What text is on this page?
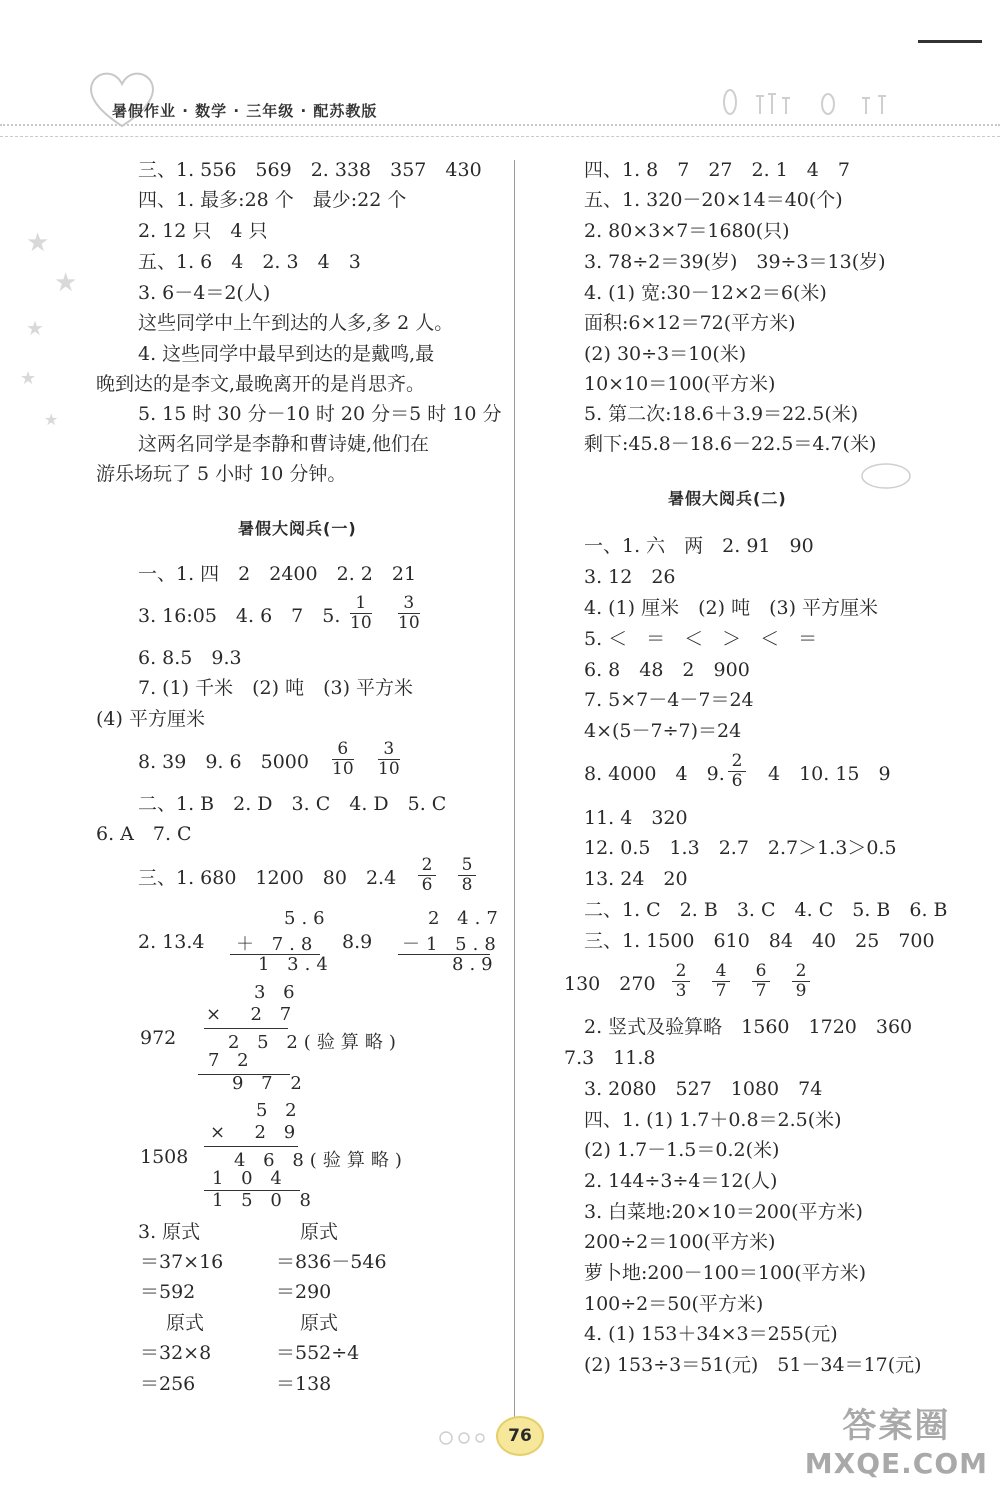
暑假作业 · 数学 · 三年级 · 配苏教版
★
★
★
★
★
三、1. 556　569　2. 338　357　430
四、1. 最多:28 个　最少:22 个
2. 12 只　4 只
五、1. 6　4　2. 3　4　3
3. 6－4＝2(人)
这些同学中上午到达的人多,多 2 人。
4. 这些同学中最早到达的是戴鸣,最
晚到达的是李文,最晚离开的是肖思齐。
5. 15 时 30 分－10 时 20 分＝5 时 10 分
这两名同学是李静和曹诗婕,他们在
游乐场玩了 5 小时 10 分钟。
暑假大阅兵(一)
一、1. 四　2　2400　2. 2　21
3. 16:05　4. 6　7　5.
1
10
3
10
6. 8.5　9.3
7. (1) 千米　(2) 吨　(3) 平方米
(4) 平方厘米
8. 39　9. 6　5000
6
10
3
10
二、1. B　2. D　3. C　4. D　5. C
6. A　7. C
三、1. 680　1200　80　2.4
2
6
5
8
2. 13.4
5.6
＋ 7.8
1 3.4
8.9
2 4.7
－1 5.8
8.9
3 6
×  2 7
972	2 5 2(验算略)
7 2
9 7 2
5 2
×  2 9
1508	4 6 8(验算略)
1 0 4
1 5 0 8
3. 原式	原式
＝37×16	＝836－546
＝592	＝290
原式	原式
＝32×8	＝552÷4
＝256	＝138
四、1. 8　7　27　2. 1　4　7
五、1. 320－20×14＝40(个)
2. 80×3×7＝1680(只)
3. 78÷2＝39(岁)　39÷3＝13(岁)
4. (1) 宽:30－12×2＝6(米)
面积:6×12＝72(平方米)
(2) 30÷3＝10(米)
10×10＝100(平方米)
5. 第二次:18.6＋3.9＝22.5(米)
剩下:45.8－18.6－22.5＝4.7(米)
暑假大阅兵(二)
一、1. 六　两　2. 91　90
3. 12　26
4. (1) 厘米　(2) 吨　(3) 平方厘米
5. ＜　＝　＜　＞　＜　＝
6. 8　48　2　900
7. 5×7－4－7＝24
4×(5－7÷7)＝24
8. 4000　4　9.
2
6 4　10. 15　9
11. 4　320
12. 0.5　1.3　2.7　2.7＞1.3＞0.5
13. 24　20
二、1. C　2. B　3. C　4. C　5. B　6. B
三、1. 1500　610　84　40　25　700
130　270
2
3
4
7
6
7
2
9
2. 竖式及验算略　1560　1720　360
7.3　11.8
3. 2080　527　1080　74
四、1. (1) 1.7＋0.8＝2.5(米)
(2) 1.7－1.5＝0.2(米)
2. 144÷3÷4＝12(人)
3. 白菜地:20×10＝200(平方米)
200÷2＝100(平方米)
萝卜地:200－100＝100(平方米)
100÷2＝50(平方米)
4. (1) 153＋34×3＝255(元)
(2) 153÷3＝51(元)　51－34＝17(元)
76	答案圈
MXQE.COM
